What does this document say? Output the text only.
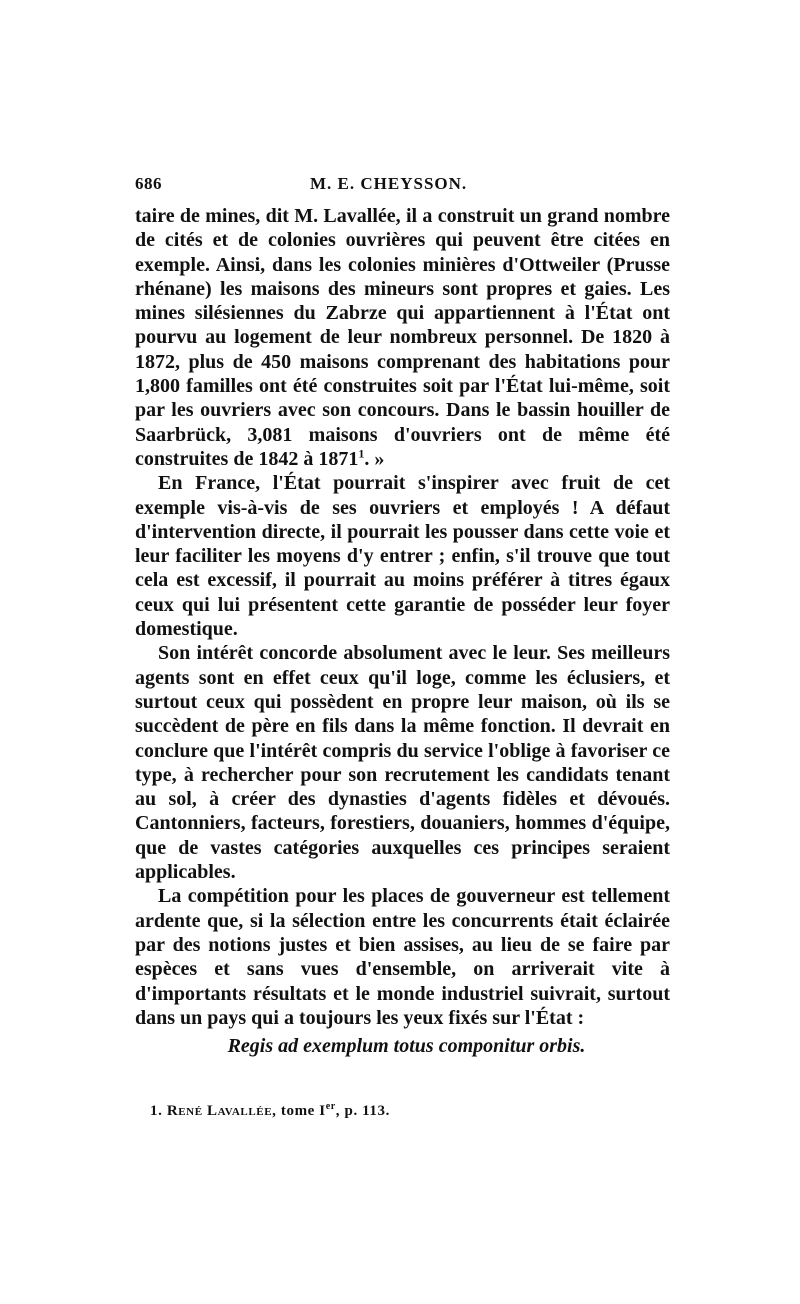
686	M. E. CHEYSSON.

taire de mines, dit M. Lavallée, il a construit un grand nombre de cités et de colonies ouvrières qui peuvent être citées en exemple. Ainsi, dans les colonies minières d'Ottweiler (Prusse rhénane) les maisons des mineurs sont propres et gaies. Les mines silésiennes du Zabrze qui appartiennent à l'État ont pourvu au logement de leur nombreux personnel. De 1820 à 1872, plus de 450 maisons comprenant des habitations pour 1,800 familles ont été construites soit par l'État lui-même, soit par les ouvriers avec son concours. Dans le bassin houiller de Saarbrück, 3,081 maisons d'ouvriers ont de même été construites de 1842 à 1871$^1$. »

En France, l'État pourrait s'inspirer avec fruit de cet exemple vis-à-vis de ses ouvriers et employés ! A défaut d'intervention directe, il pourrait les pousser dans cette voie et leur faciliter les moyens d'y entrer ; enfin, s'il trouve que tout cela est excessif, il pourrait au moins préférer à titres égaux ceux qui lui présentent cette garantie de posséder leur foyer domestique.

Son intérêt concorde absolument avec le leur. Ses meilleurs agents sont en effet ceux qu'il loge, comme les éclusiers, et surtout ceux qui possèdent en propre leur maison, où ils se succèdent de père en fils dans la même fonction. Il devrait en conclure que l'intérêt compris du service l'oblige à favoriser ce type, à rechercher pour son recrutement les candidats tenant au sol, à créer des dynasties d'agents fidèles et dévoués. Cantonniers, facteurs, forestiers, douaniers, hommes d'équipe, que de vastes catégories auxquelles ces principes seraient applicables.

La compétition pour les places de gouverneur est tellement ardente que, si la sélection entre les concurrents était éclairée par des notions justes et bien assises, au lieu de se faire par espèces et sans vues d'ensemble, on arriverait vite à d'importants résultats et le monde industriel suivrait, surtout dans un pays qui a toujours les yeux fixés sur l'État :

Regis ad exemplum totus componitur orbis.

1. René Lavallée, tome Ier, p. 113.
